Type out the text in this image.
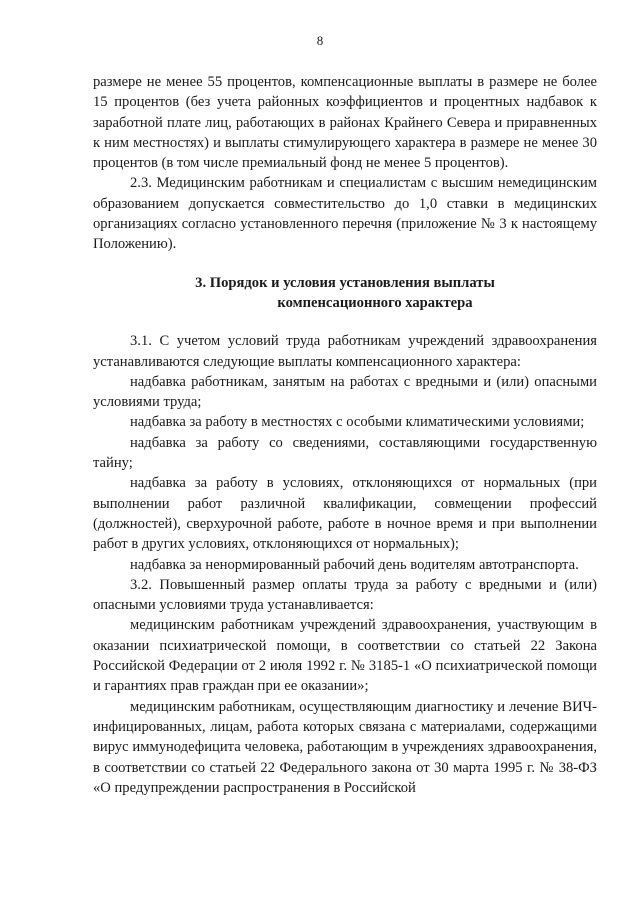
8

размере не менее 55 процентов, компенсационные выплаты в размере не более 15 процентов (без учета районных коэффициентов и процентных надбавок к заработной плате лиц, работающих в районах Крайнего Севера и приравненных к ним местностях) и выплаты стимулирующего характера в размере не менее 30 процентов (в том числе премиальный фонд не менее 5 процентов).

2.3. Медицинским работникам и специалистам с высшим немедицинским образованием допускается совместительство до 1,0 ставки в медицинских организациях согласно установленного перечня (приложение № 3 к настоящему Положению).

3. Порядок и условия установления выплаты
компенсационного характера

3.1. С учетом условий труда работникам учреждений здравоохранения устанавливаются следующие выплаты компенсационного характера:

надбавка работникам, занятым на работах с вредными и (или) опасными условиями труда;

надбавка за работу в местностях с особыми климатическими условиями;

надбавка за работу со сведениями, составляющими государственную тайну;

надбавка за работу в условиях, отклоняющихся от нормальных (при выполнении работ различной квалификации, совмещении профессий (должностей), сверхурочной работе, работе в ночное время и при выполнении работ в других условиях, отклоняющихся от нормальных);

надбавка за ненормированный рабочий день водителям автотранспорта.

3.2. Повышенный размер оплаты труда за работу с вредными и (или) опасными условиями труда устанавливается:

медицинским работникам учреждений здравоохранения, участвующим в оказании психиатрической помощи, в соответствии со статьей 22 Закона Российской Федерации от 2 июля 1992 г. № 3185-1 «О психиатрической помощи и гарантиях прав граждан при ее оказании»;

медицинским работникам, осуществляющим диагностику и лечение ВИЧ-инфицированных, лицам, работа которых связана с материалами, содержащими вирус иммунодефицита человека, работающим в учреждениях здравоохранения, в соответствии со статьей 22 Федерального закона от 30 марта 1995 г. № 38-ФЗ «О предупреждении распространения в Российской
